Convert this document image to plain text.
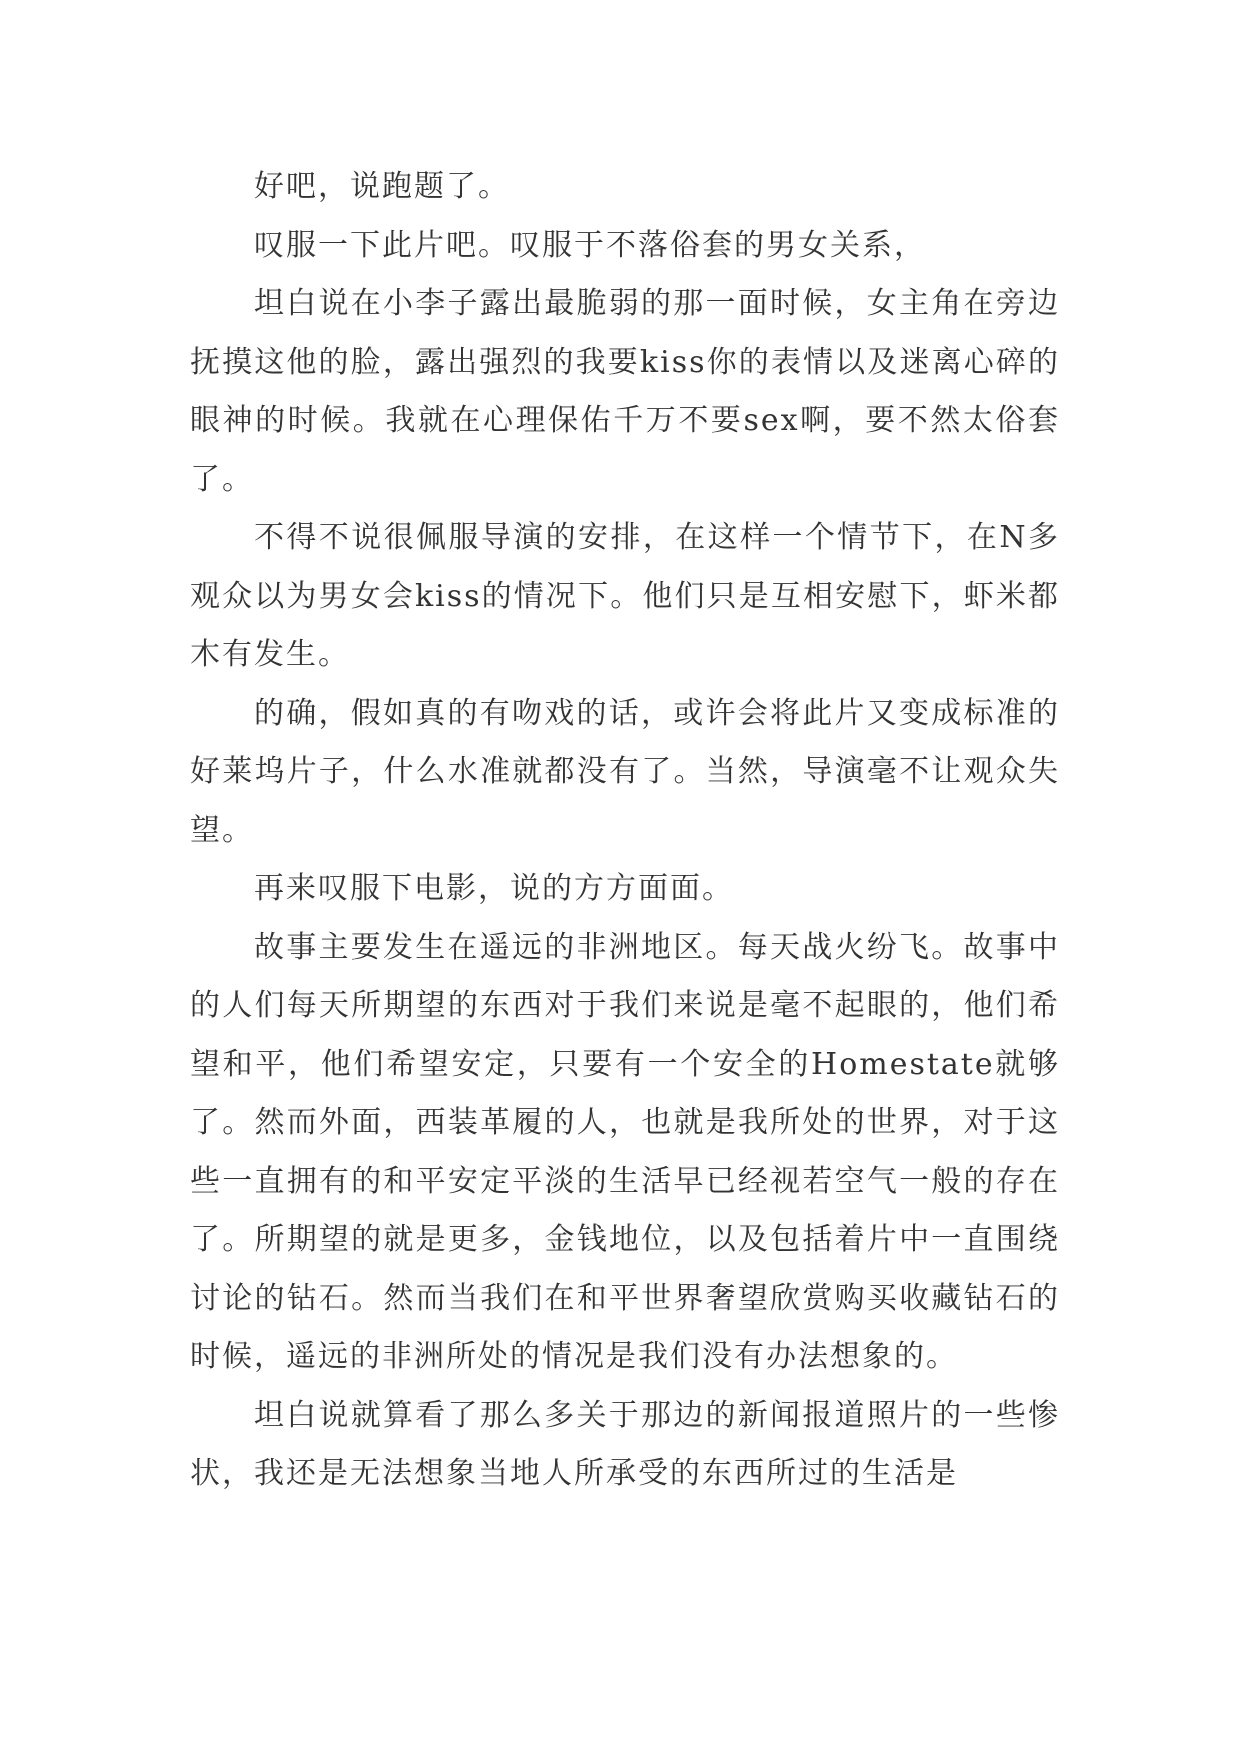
好吧，说跑题了。

叹服一下此片吧。叹服于不落俗套的男女关系，

坦白说在小李子露出最脆弱的那一面时候，女主角在旁边抚摸这他的脸，露出强烈的我要kiss你的表情以及迷离心碎的眼神的时候。我就在心理保佑千万不要sex啊，要不然太俗套了。

不得不说很佩服导演的安排，在这样一个情节下，在N多观众以为男女会kiss的情况下。他们只是互相安慰下，虾米都木有发生。

的确，假如真的有吻戏的话，或许会将此片又变成标准的好莱坞片子，什么水准就都没有了。当然，导演毫不让观众失望。

再来叹服下电影，说的方方面面。

故事主要发生在遥远的非洲地区。每天战火纷飞。故事中的人们每天所期望的东西对于我们来说是毫不起眼的，他们希望和平，他们希望安定，只要有一个安全的Homestate就够了。然而外面，西装革履的人，也就是我所处的世界，对于这些一直拥有的和平安定平淡的生活早已经视若空气一般的存在了。所期望的就是更多，金钱地位，以及包括着片中一直围绕讨论的钻石。然而当我们在和平世界奢望欣赏购买收藏钻石的时候，遥远的非洲所处的情况是我们没有办法想象的。

坦白说就算看了那么多关于那边的新闻报道照片的一些惨状，我还是无法想象当地人所承受的东西所过的生活是
